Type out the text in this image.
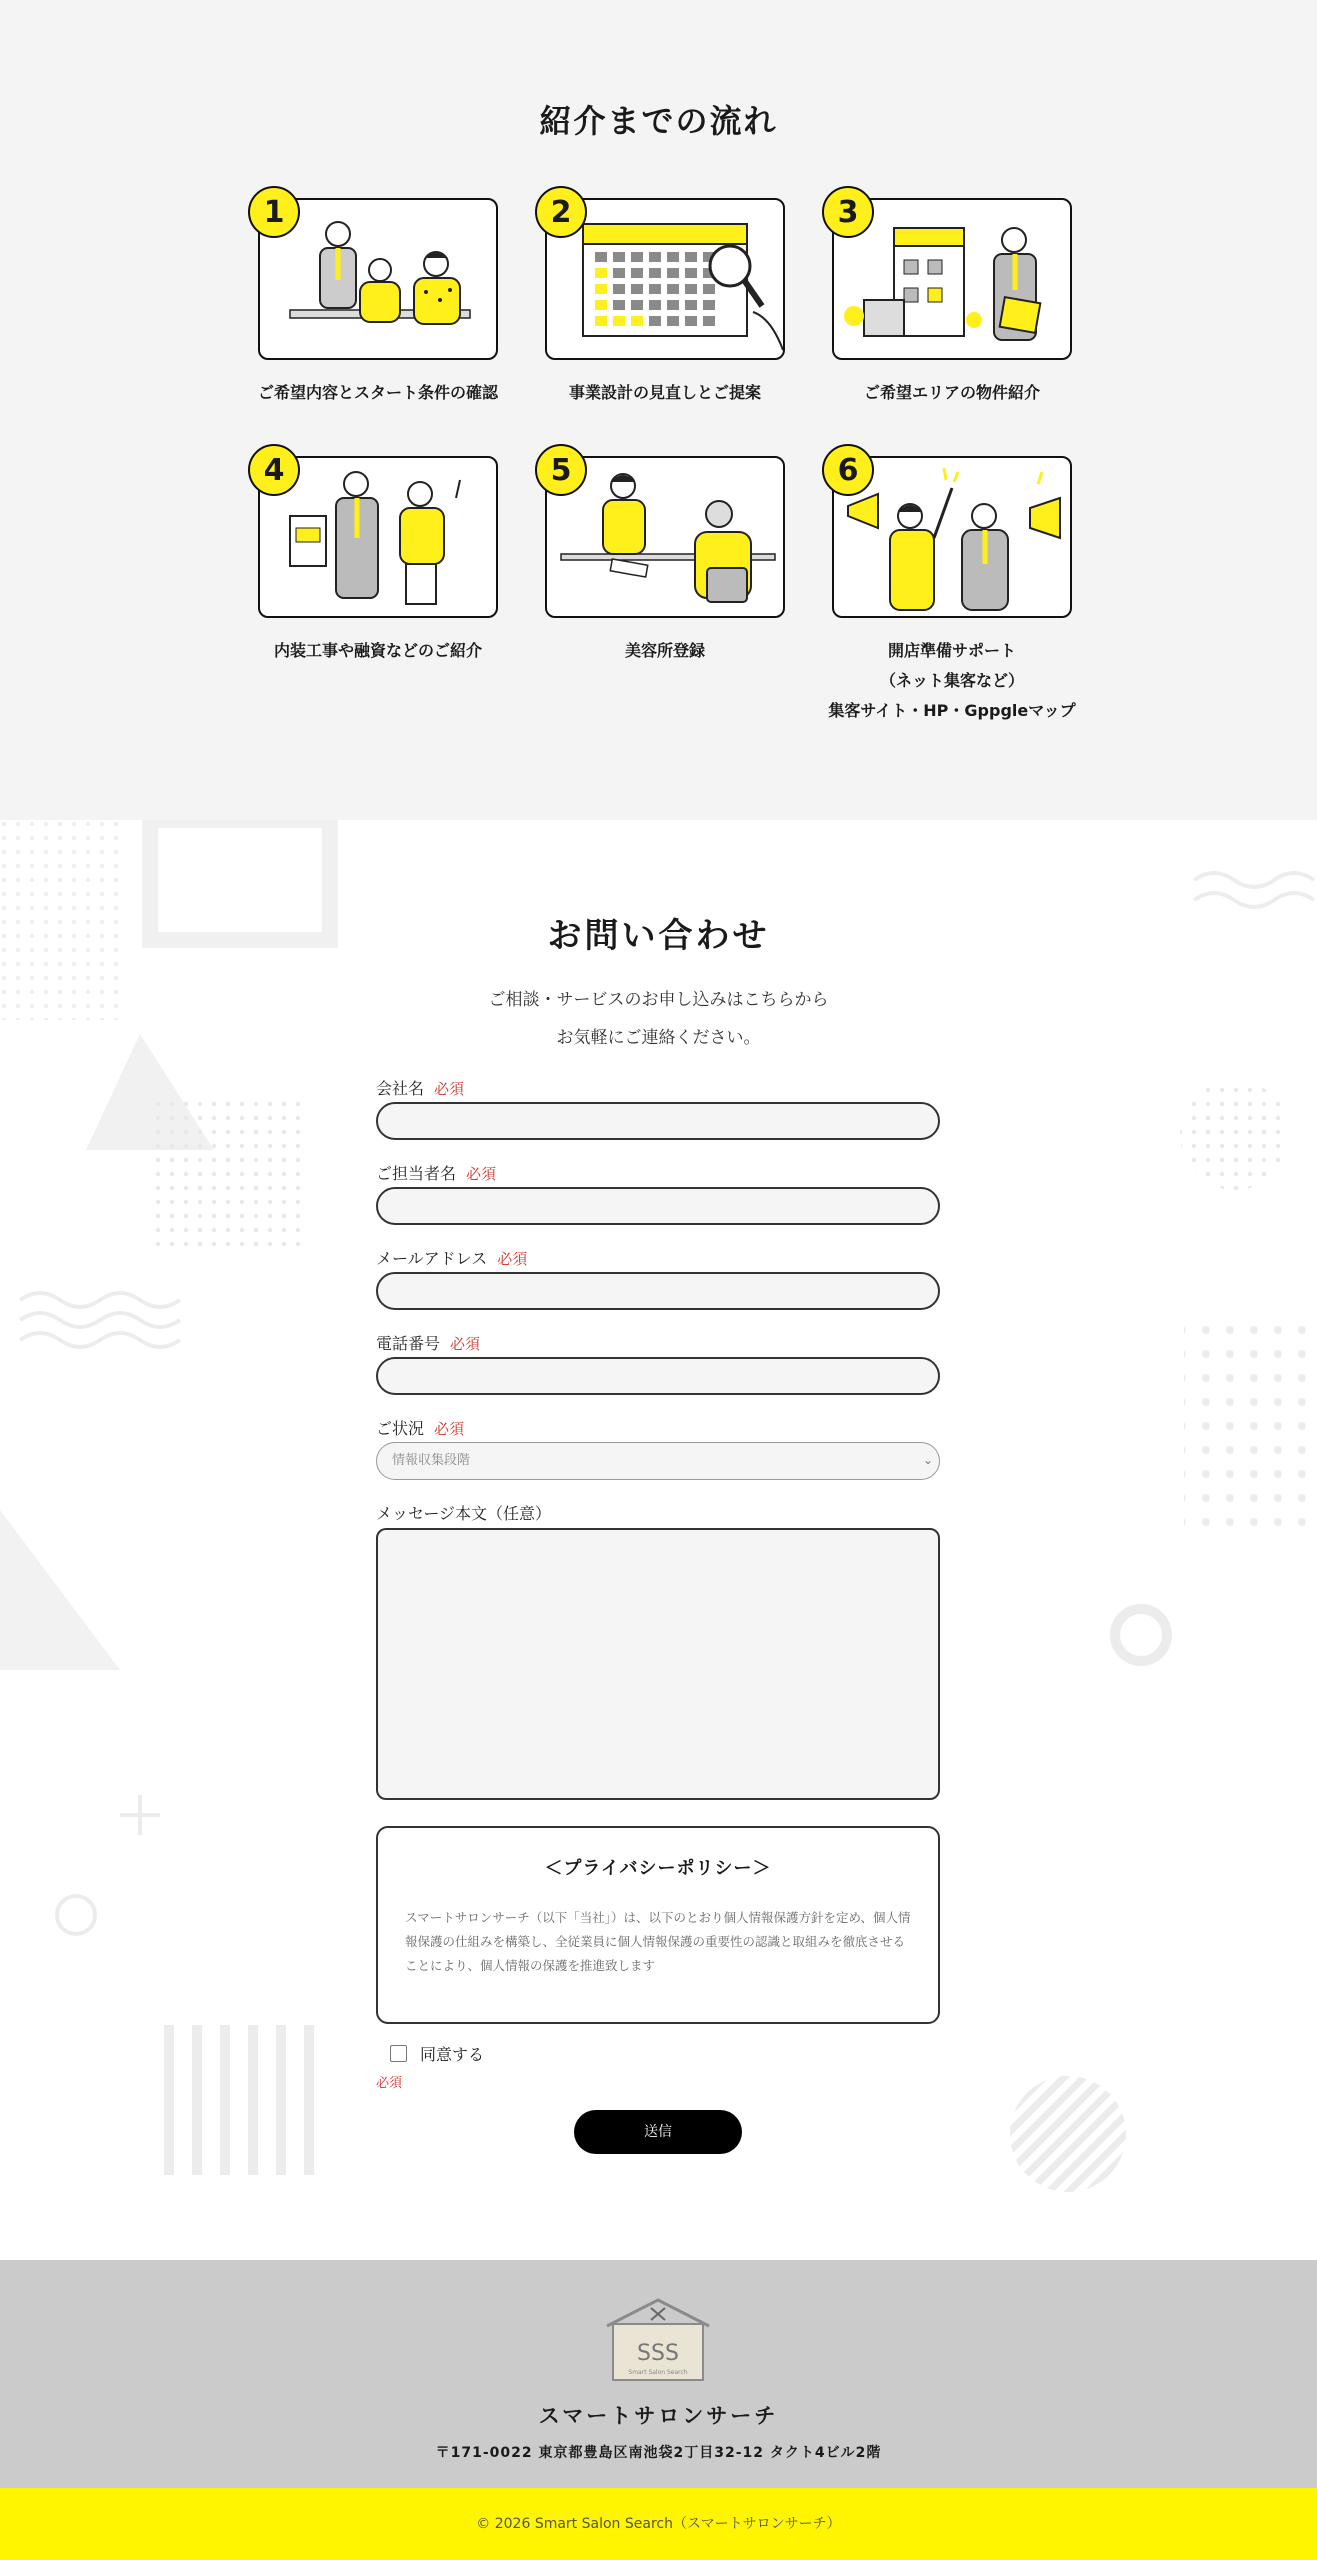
紹介までの流れ
1
ご希望内容とスタート条件の確認
2
事業設計の見直しとご提案
3
ご希望エリアの物件紹介
4
内装工事や融資などのご紹介
5
美容所登録
6
開店準備サポート
（ネット集客など）
集客サイト・HP・Gppgleマップ
お問い合わせ
ご相談・サービスのお申し込みはこちらから
お気軽にご連絡ください。
会社名 必須
ご担当者名 必須
メールアドレス 必須
電話番号 必須
ご状況 必須
情報収集段階	⌄
メッセージ本文（任意）
＜プライバシーポリシー＞
スマートサロンサーチ（以下「当社」）は、以下のとおり個人情報保護方針を定め、個人情報保護の仕組みを構築し、全従業員に個人情報保護の重要性の認識と取組みを徹底させることにより、個人情報の保護を推進致します
同意する
必須
送信
SSS
Smart Salon Search
スマートサロンサーチ
〒171-0022 東京都豊島区南池袋2丁目32-12 タクト4ビル2階
© 2026 Smart Salon Search（スマートサロンサーチ）
